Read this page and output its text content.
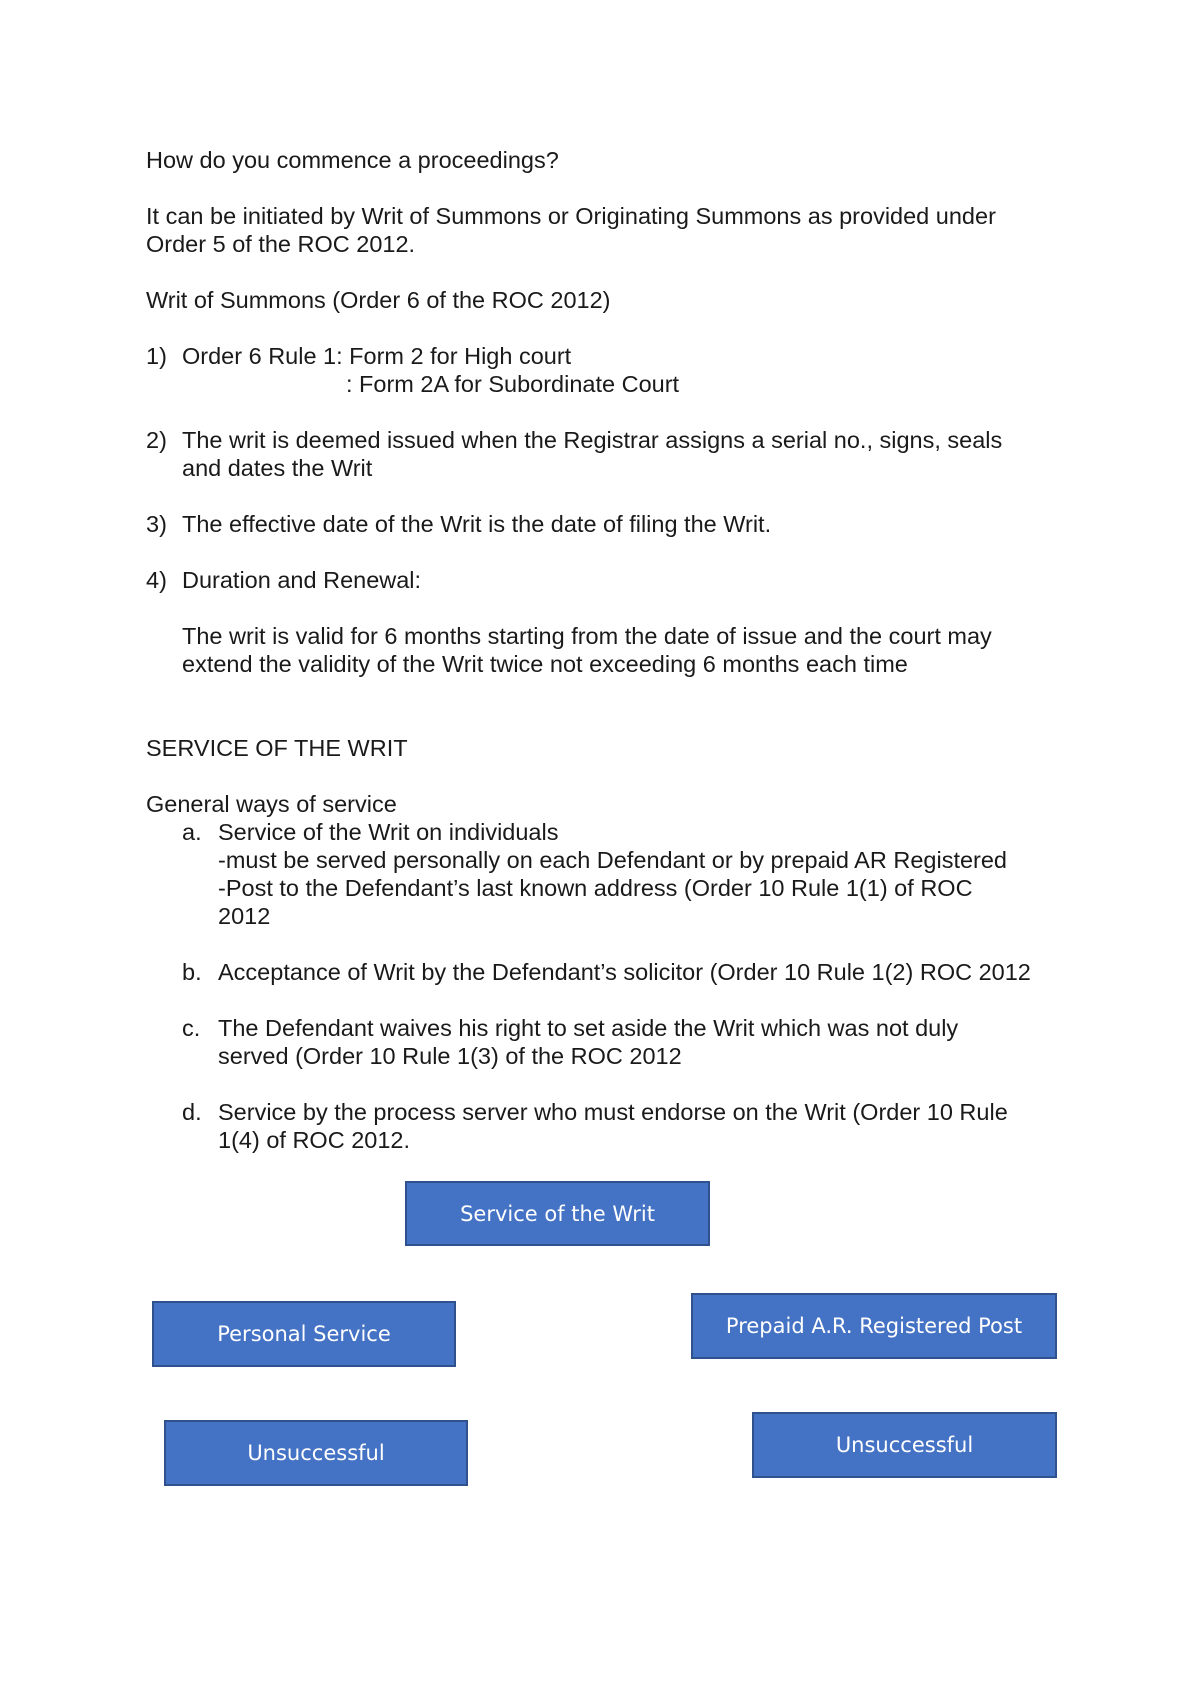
How do you commence a proceedings?
It can be initiated by Writ of Summons or Originating Summons as provided under
Order 5 of the ROC 2012.
Writ of Summons (Order 6 of the ROC 2012)
1) Order 6 Rule 1: Form 2 for High court
: Form 2A for Subordinate Court
2) The writ is deemed issued when the Registrar assigns a serial no., signs, seals
and dates the Writ
3) The effective date of the Writ is the date of filing the Writ.
4) Duration and Renewal:
The writ is valid for 6 months starting from the date of issue and the court may
extend the validity of the Writ twice not exceeding 6 months each time
SERVICE OF THE WRIT
General ways of service
a. Service of the Writ on individuals
-must be served personally on each Defendant or by prepaid AR Registered
-Post to the Defendant’s last known address (Order 10 Rule 1(1) of ROC
2012
b. Acceptance of Writ by the Defendant’s solicitor (Order 10 Rule 1(2) ROC 2012
c. The Defendant waives his right to set aside the Writ which was not duly
served (Order 10 Rule 1(3) of the ROC 2012
d. Service by the process server who must endorse on the Writ (Order 10 Rule
1(4) of ROC 2012.
Service of the Writ
Personal Service	Prepaid A.R. Registered Post
Unsuccessful	Unsuccessful
